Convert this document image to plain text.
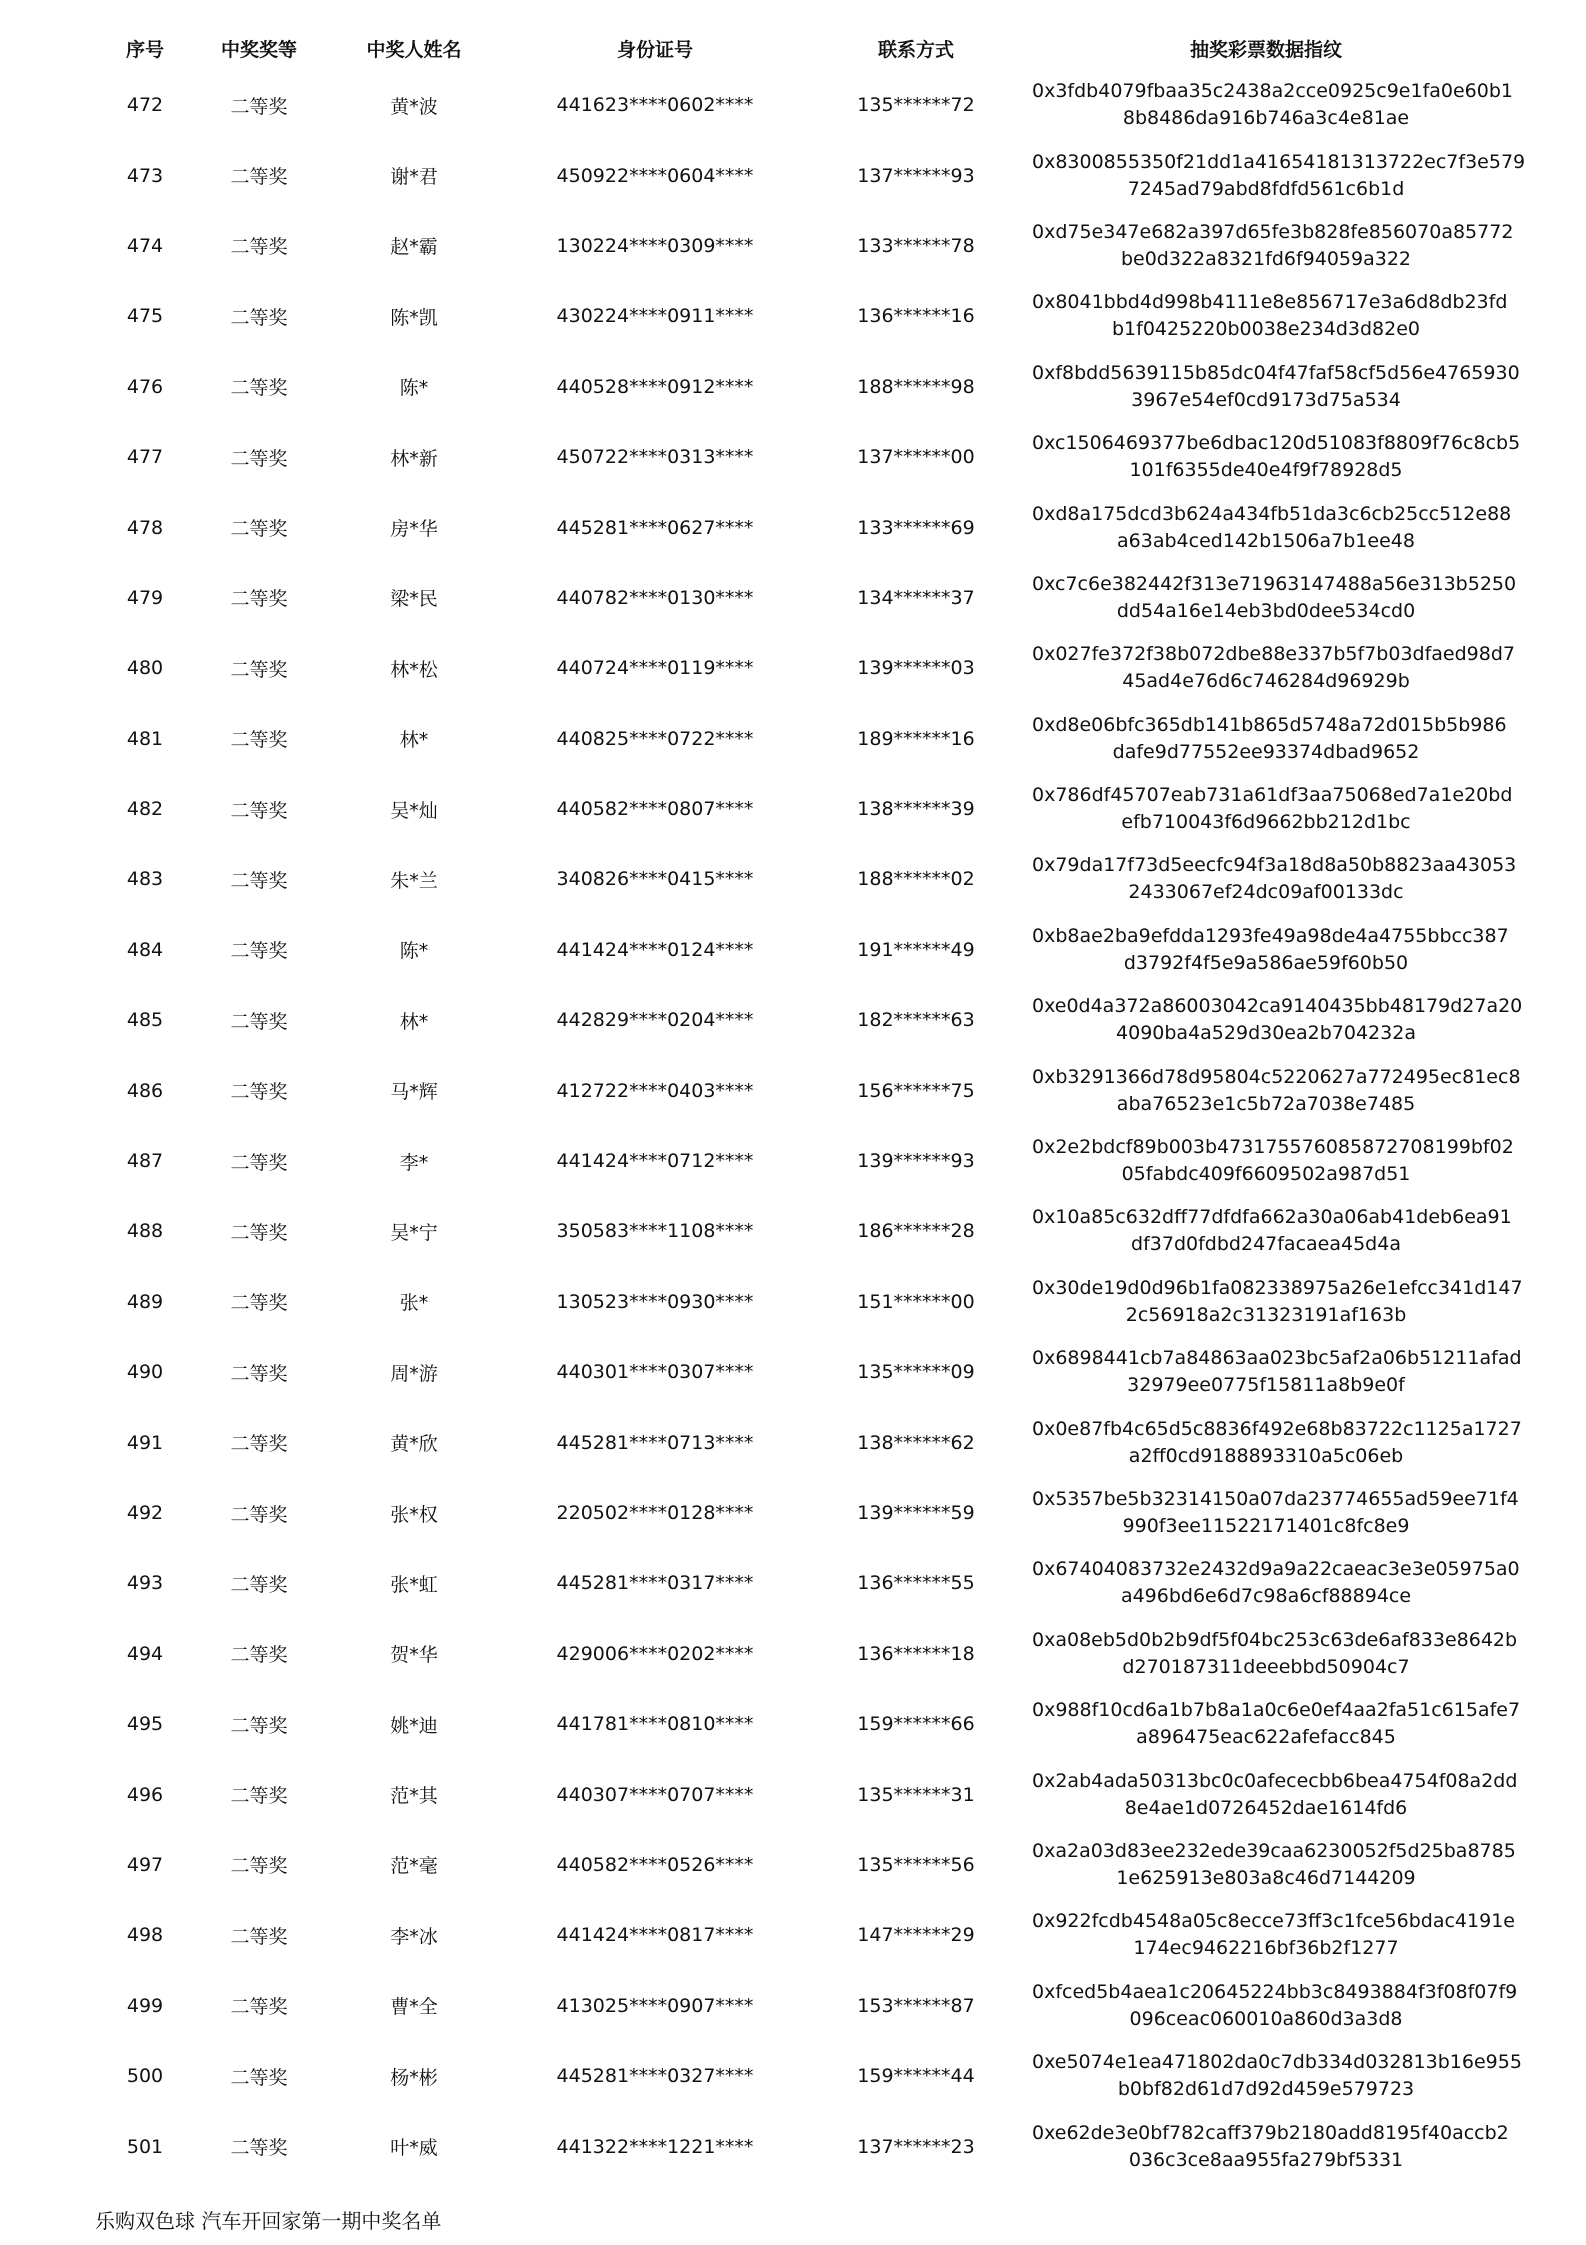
序号	中奖奖等	中奖人姓名	身份证号	联系方式	抽奖彩票数据指纹
472	二等奖	黄*波	441623****0602****	135******72	0x3fdb4079fbaa35c2438a2cce0925c9e1fa0e60b1
8b8486da916b746a3c4e81ae

473	二等奖	谢*君	450922****0604****	137******93	0x8300855350f21dd1a41654181313722ec7f3e579
7245ad79abd8fdfd561c6b1d

474	二等奖	赵*霸	130224****0309****	133******78	0xd75e347e682a397d65fe3b828fe856070a85772
be0d322a8321fd6f94059a322

475	二等奖	陈*凯	430224****0911****	136******16	0x8041bbd4d998b4111e8e856717e3a6d8db23fd
b1f0425220b0038e234d3d82e0

476	二等奖	陈*	440528****0912****	188******98	0xf8bdd5639115b85dc04f47faf58cf5d56e4765930
3967e54ef0cd9173d75a534

477	二等奖	林*新	450722****0313****	137******00	0xc1506469377be6dbac120d51083f8809f76c8cb5
101f6355de40e4f9f78928d5

478	二等奖	房*华	445281****0627****	133******69	0xd8a175dcd3b624a434fb51da3c6cb25cc512e88
a63ab4ced142b1506a7b1ee48

479	二等奖	梁*民	440782****0130****	134******37	0xc7c6e382442f313e71963147488a56e313b5250
dd54a16e14eb3bd0dee534cd0

480	二等奖	林*松	440724****0119****	139******03	0x027fe372f38b072dbe88e337b5f7b03dfaed98d7
45ad4e76d6c746284d96929b

481	二等奖	林*	440825****0722****	189******16	0xd8e06bfc365db141b865d5748a72d015b5b986
dafe9d77552ee93374dbad9652

482	二等奖	吴*灿	440582****0807****	138******39	0x786df45707eab731a61df3aa75068ed7a1e20bd
efb710043f6d9662bb212d1bc

483	二等奖	朱*兰	340826****0415****	188******02	0x79da17f73d5eecfc94f3a18d8a50b8823aa43053
2433067ef24dc09af00133dc

484	二等奖	陈*	441424****0124****	191******49	0xb8ae2ba9efdda1293fe49a98de4a4755bbcc387
d3792f4f5e9a586ae59f60b50

485	二等奖	林*	442829****0204****	182******63	0xe0d4a372a86003042ca9140435bb48179d27a20
4090ba4a529d30ea2b704232a

486	二等奖	马*辉	412722****0403****	156******75	0xb3291366d78d95804c5220627a772495ec81ec8
aba76523e1c5b72a7038e7485

487	二等奖	李*	441424****0712****	139******93	0x2e2bdcf89b003b473175576085872708199bf02
05fabdc409f6609502a987d51

488	二等奖	吴*宁	350583****1108****	186******28	0x10a85c632dff77dfdfa662a30a06ab41deb6ea91
df37d0fdbd247facaea45d4a

489	二等奖	张*	130523****0930****	151******00	0x30de19d0d96b1fa082338975a26e1efcc341d147
2c56918a2c31323191af163b

490	二等奖	周*游	440301****0307****	135******09	0x6898441cb7a84863aa023bc5af2a06b51211afad
32979ee0775f15811a8b9e0f

491	二等奖	黄*欣	445281****0713****	138******62	0x0e87fb4c65d5c8836f492e68b83722c1125a1727
a2ff0cd9188893310a5c06eb

492	二等奖	张*权	220502****0128****	139******59	0x5357be5b32314150a07da23774655ad59ee71f4
990f3ee11522171401c8fc8e9

493	二等奖	张*虹	445281****0317****	136******55	0x67404083732e2432d9a9a22caeac3e3e05975a0
a496bd6e6d7c98a6cf88894ce

494	二等奖	贺*华	429006****0202****	136******18	0xa08eb5d0b2b9df5f04bc253c63de6af833e8642b
d270187311deeebbd50904c7

495	二等奖	姚*迪	441781****0810****	159******66	0x988f10cd6a1b7b8a1a0c6e0ef4aa2fa51c615afe7
a896475eac622afefacc845

496	二等奖	范*其	440307****0707****	135******31	0x2ab4ada50313bc0c0afececbb6bea4754f08a2dd
8e4ae1d0726452dae1614fd6

497	二等奖	范*毫	440582****0526****	135******56	0xa2a03d83ee232ede39caa6230052f5d25ba8785
1e625913e803a8c46d7144209

498	二等奖	李*冰	441424****0817****	147******29	0x922fcdb4548a05c8ecce73ff3c1fce56bdac4191e
174ec9462216bf36b2f1277

499	二等奖	曹*全	413025****0907****	153******87	0xfced5b4aea1c20645224bb3c8493884f3f08f07f9
096ceac060010a860d3a3d8

500	二等奖	杨*彬	445281****0327****	159******44	0xe5074e1ea471802da0c7db334d032813b16e955
b0bf82d61d7d92d459e579723

501	二等奖	叶*威	441322****1221****	137******23	0xe62de3e0bf782caff379b2180add8195f40accb2
036c3ce8aa955fa279bf5331
乐购双色球 汽车开回家第一期中奖名单
